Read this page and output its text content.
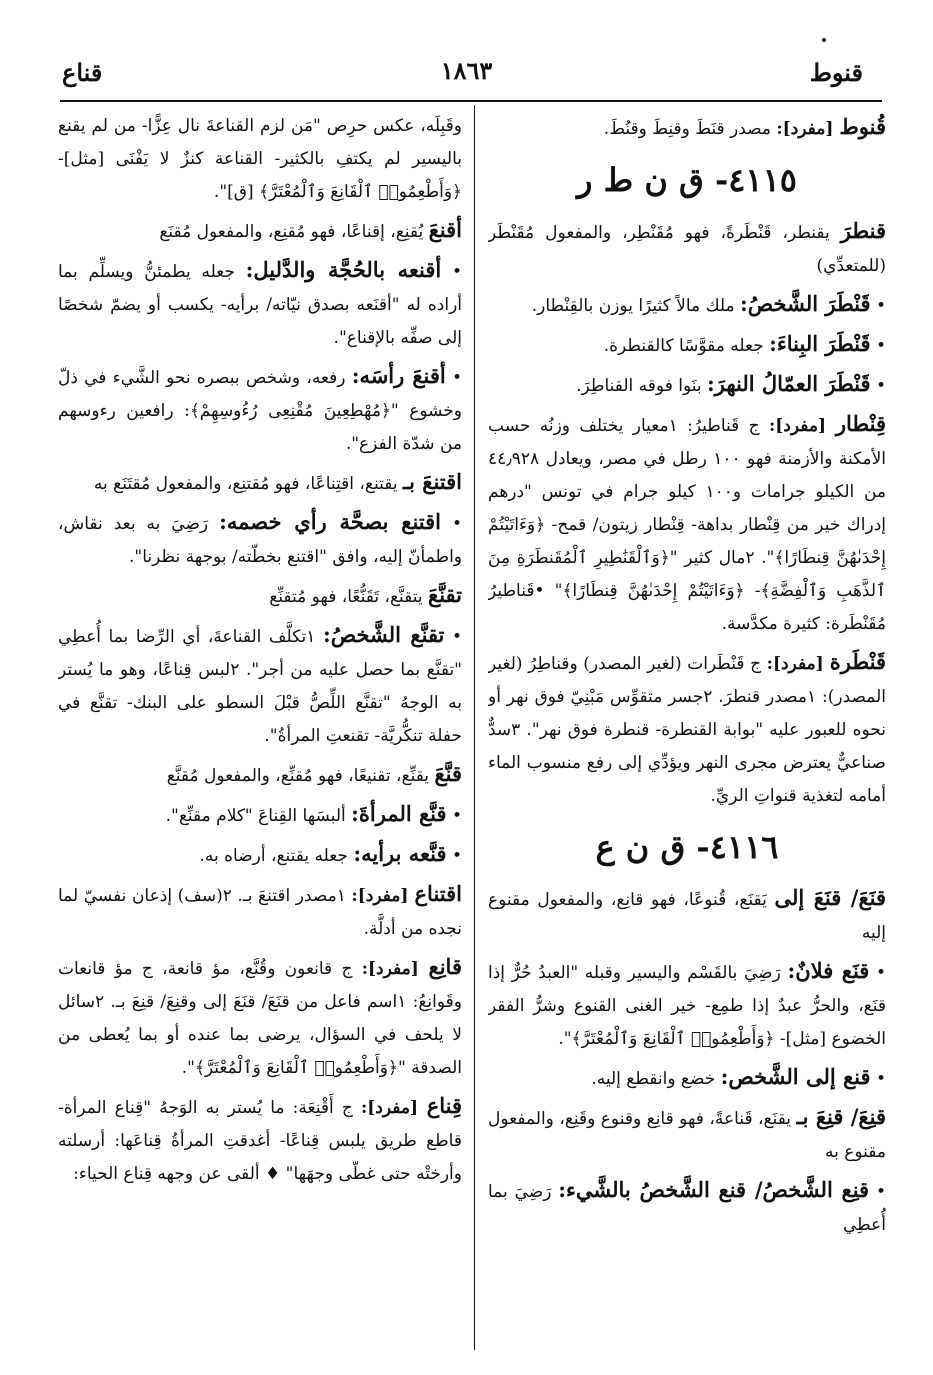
قنوط
١٨٦٣
قناع

قُنوط [مفرد]: مصدر قنَطَ وقنِطَ وقنُطَ.

٤١١٥- ق ن ط ر

قنطرَ يقنطر، قَنْطَرةً، فهو مُقَنْطِر، والمفعول مُقَنْطَر (للمتعدِّي)

• قَنْطَرَ الشَّخصُ: ملك مالاً كثيرًا يوزن بالقِنْطار.

• قَنْطَرَ البِناءَ: جعله مقوَّسًا كالقنطرة.

• قَنْطَرَ العمّالُ النهرَ: بنَوا فوقه القناطِرَ.

قِنْطار [مفرد]: ج قَناطيرُ: ١معيار يختلف وزنُه حسب الأمكنة والأزمنة فهو ١٠٠ رطل في مصر، ويعادل ٤٤٫٩٢٨ من الكيلو جرامات و١٠٠ كيلو جرام في تونس "درهم إدراك خير من قِنْطار بداهة- قِنْطار زيتون/ قمح- ﴿وَءَاتَيْتُمْ إِحْدَىٰهُنَّ قِنطَارًا﴾". ٢مال كثير "﴿وَٱلْقَنَٰطِيرِ ٱلْمُقَنطَرَةِ مِنَ ٱلذَّهَبِ وَٱلْفِضَّةِ﴾- ﴿وَءَاتَيْتُمْ إِحْدَىٰهُنَّ قِنطَارًا﴾" •قَناطيرُ مُقَنْطَرة: كثيرة مكدَّسة.

قَنْطَرة [مفرد]: ج قَنْطَرات (لغير المصدر) وقناطِرُ (لغير المصدر): ١مصدر قنطرَ. ٢جسر متقوِّس مَبْنِيّ فوق نهر أو نحوه للعبور عليه "بوابة القنطرة- قنطرة فوق نهر". ٣سدٌّ صناعيٌّ يعترض مجرى النهر ويؤدِّي إلى رفع منسوب الماء أمامه لتغذية قنواتِ الريِّ.

٤١١٦- ق ن ع

قنَعَ/ قنَعَ إلى يَقنَع، قُنوعًا، فهو قانِع، والمفعول مقنوع إليه

• قنَع فلانٌ: رَضِيَ بالقَسْم واليسير وقبله "العبدُ حُرٌّ إذا قنَع، والحرُّ عبدٌ إذا طمِع- خير الغنى القنوع وشرُّ الفقر الخضوع [مثل]- ﴿وَأَطْعِمُوا۟ ٱلْقَانِعَ وَٱلْمُعْتَرَّ﴾".

• قنع إلى الشَّخص: خضع وانقطع إليه.

قنِعَ/ قنِعَ بـ يقنَع، قَناعةً، فهو قانِع وقنوع وقَنِع، والمفعول مقنوع به

• قنِع الشَّخصُ/ قنع الشَّخصُ بالشَّيء: رَضِيَ بما أُعطِي

وقَبِلَه، عكس حرِص "مَن لزم القناعةَ نال عِزًّا- من لم يقنع باليسير لم يكتفِ بالكثير- القناعة كنزٌ لا يَفْنَى [مثل]- ﴿وَأَطْعِمُوا۟ ٱلْقَانِعَ وَٱلْمُعْتَرَّ﴾ [ق]".

أقنعَ يُقنِع، إقناعًا، فهو مُقنِع، والمفعول مُقنَع

• أقنعه بالحُجَّة والدَّليل: جعله يطمئنُّ ويسلِّم بما أراده له "أقنَعه بصدق نيّاته/ برأيه- يكسب أو يضمّ شخصًا إلى صفِّه بالإقناع".

• أقنعَ رأسَه: رفعه، وشخص ببصره نحو الشَّيء في ذلّ وخشوع "﴿مُهْطِعِينَ مُقْنِعِى رُءُوسِهِمْ﴾: رافعين رءوسهم من شدّة الفزع".

اقتنعَ بـ يقتنع، اقتِناعًا، فهو مُقتنِع، والمفعول مُقتَنَع به

• اقتنع بصحَّة رأي خصمه: رَضِيَ به بعد نقاش، واطمأنّ إليه، وافق "اقتنع بخطّته/ بوجهة نظرنا".

تقنَّعَ يتقنَّع، تَقَنُّعًا، فهو مُتقنِّع

• تقنَّع الشَّخصُ: ١تكلَّف القناعةَ، أي الرِّضا بما أُعطِي "تقنَّع بما حصل عليه من أجر". ٢لبس قِناعًا، وهو ما يُستر به الوجهُ "تقنَّع اللِّصُّ قبْلَ السطو على البنك- تقنَّع في حفلة تنكُّريَّة- تقنعتِ المرأةُ".

قنَّعَ يقنِّع، تقنيعًا، فهو مُقنِّع، والمفعول مُقنَّع

• قنَّع المرأةَ: ألبسَها القِناعَ "كلام مقنِّع".

• قنَّعه برأيه: جعله يقتنع، أرضاه به.

اقتناع [مفرد]: ١مصدر اقتنعَ بـ. ٢(سف) إذعان نفسيّ لما نجده من أدلَّة.

قانِع [مفرد]: ج قانعون وقُنَّع، مؤ قانعة، ج مؤ قانعات وقَوانِعُ: ١اسم فاعل من قنَعَ/ قنَعَ إلى وقنِعَ/ قنِعَ بـ. ٢سائل لا يلحف في السؤال، يرضى بما عنده أو بما يُعطى من الصدقة "﴿وَأَطْعِمُوا۟ ٱلْقَانِعَ وَٱلْمُعْتَرَّ﴾".

قِناع [مفرد]: ج أَقْنِعَة: ما يُستر به الوَجهُ "قِناع المرأة- قاطع طريق يلبس قِناعًا- أغدقتِ المرأةُ قِناعَها: أرسلته وأرختْه حتى غطّى وجهَها" ♦ ألقى عن وجهه قِناع الحياء:
